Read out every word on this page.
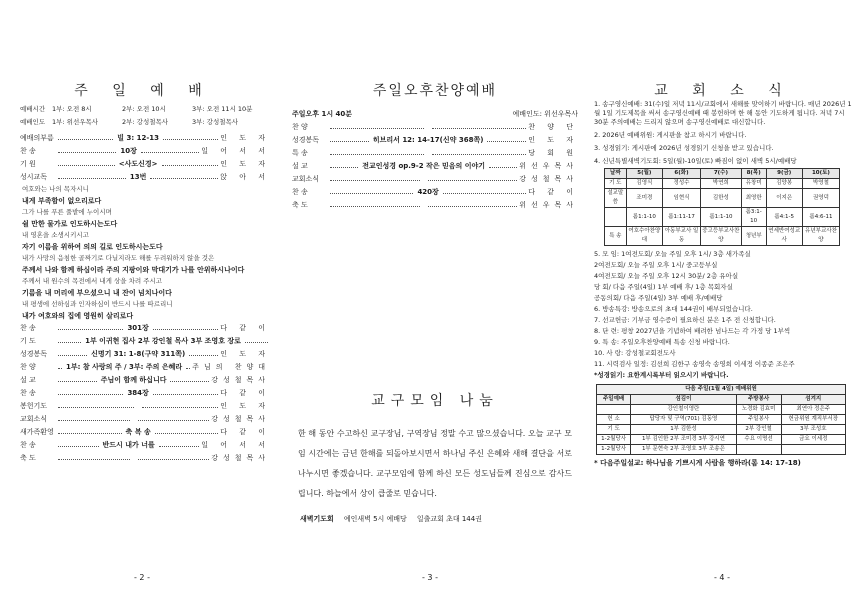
주 일 예 배
예배시간	1부: 오전 8시	2부: 오전 10시	3부: 오전 11시 10분
예배인도	1부: 위선우목사	2부: 강성철목사	3부: 강성철목사
예배의부름	빌 3: 12-13	인 도 자
찬 송	10장	일 어 서 서
기 원	<사도신경>	인 도 자
성시교독	13번	앉 아 서
여호와는 나의 목자시니
내게 부족함이 없으리로다
그가 나를 푸른 풀밭에 누이시며
쉴 만한 물가로 인도하시는도다
내 영혼을 소생시키시고
자기 이름을 위하여 의의 길로 인도하시는도다
내가 사망의 음침한 골짜기로 다닐지라도 해를 두려워하지 않을 것은
주께서 나와 함께 하심이라 주의 지팡이와 막대기가 나를 안위하시나이다
주께서 내 원수의 목전에서 내게 상을 차려 주시고
기름을 내 머리에 부으셨으니 내 잔이 넘치나이다
내 평생에 선하심과 인자하심이 반드시 나를 따르리니
내가 여호와의 집에 영원히 살리로다
찬 송	301장	다 같 이
기 도	1부 이귀현 집사 2부 강인철 목사 3부 조영호 장로
성경봉독	신명기 31: 1-8(구약 311쪽)	인 도 자
찬 양	1부: 참 사랑의 주 / 3부: 주의 은혜라 주님의 찬양대
설 교	주님이 함께 하십니다	강성철목사
찬 송	384장	다 같 이
봉헌기도	인 도 자
교회소식	강성철목사
새가족환영	축 복 송	다 같 이
찬 송	반드시 내가 너를	일 어 서 서
축 도	강성철목사
- 2 -
주일오후찬양예배
주일오후 1시 40분	예배인도: 위선우목사
찬 양	찬 양 단
성경봉독	히브리서 12: 14-17(신약 368쪽)	인 도 자
특 송	당 회 원
설 교	전교인성경 op.9-2 작은 믿음의 이야기	위선우목사
교회소식	강성철목사
찬 송	420장	다 같 이
축 도	위선우목사
교구모임 나눔
한 해 동안 수고하신 교구장님, 구역장님 정말 수고 많으셨습니다. 오늘 교구 모임 시간에는 금년 한해를 되돌아보시면서 하나님 주신 은혜와 새해 결단을 서로 나누시면 좋겠습니다. 교구모임에 함께 하신 모든 성도님들께 진심으로 감사드립니다. 하늘에서 상이 큽줄로 믿습니다.
새벽기도회 예인새벽 5시 예배당 일출교회 초대 144권
- 3 -
교 회 소 식
1. 송구영신예배: 31(수)일 저녁 11시/교회에서 새해를 맞이하기 바랍니다. 매년 2026년 1월 1일 기도제목을 써서 송구영신예배 때 봉헌하며 한 해 동안 기도하게 됩니다. 저녁 7시 30분 주의예배는 드리지 않으며 송구영신예배로 대신합니다.
2. 2026년 예배위원: 게시판을 참고 하시기 바랍니다.
3. 성경읽기: 게시판에 2026년 성경읽기 신청을 받고 있습니다.
4. 신년특별새벽기도회: 5일(월)-10일(토) 빠짐이 없이 새벽 5시/예배당
날짜	5(월)	6(화)	7(수)	8(목)	9(금)	10(토)
기 도	김영식	정성수	박연희	유창미	김양봉	박영철
설교말씀	조미경	임현식	김한성	최영한	이지은	권영덕
	롬1:1-10	롬1:11-17	롬1:1-10	롬3:1-10	롬4:1-5	롬4:6-11
특 송	여호수아찬양대	아동부교사 일동	중고등부교사찬양	청년부	연세반여성교사	유년부교사찬양
5. 모 임: 1여전도회/ 오늘 주일 오후 1시/ 3층 새가족실
2여전도회/ 오늘 주일 오후 1시/ 중고등부실
4여전도회/ 오늘 주일 오후 12시 30분/ 2층 유아실
당 회/ 다음 주일(4일) 1부 예배 후/ 1층 목회자실
공동의회/ 다음 주일(4일) 3부 예배 후/예배당
6. 방송특강: 방송으로의 초대 144권이 배부되었습니다.
7. 선교헌금: 기부금 영수증이 필요하신 분은 1주 전 신청합니다.
8. 단 련: 평창 2027년을 기념하여 배려한 넘나드는 각 가정 당 1부씩
9. 특 송: 주일오후찬양예배 특송 신청 바랍니다.
10. 사 랑: 강성철교회전도사
11. 시력검사 일정: 김선희 김한구 송영숙 송영희 이세정 이종준 조은주
*성경읽기: 요한계시록부터 읽으시기 바랍니다.
다음 주일(1월 4일) 예배위원			
주일예배	섬김이	주방봉사	섬겨지
	강인철이영란	노경화 김효미	최연아 정은주
헌 소	답당자 및 구역(701) 김동영	주일봉사	헌금위원 계직부서장
기 도	1부 김한성	2부 강인철	3부 조성호
1-2월당사	1부 김인한 2부 조미경 3부 강시연	수요 이명선	금요 이세정
1-2월당사	1부 문현숙 2부 조영호 3부 조송은		
* 다음주일설교: 하나님을 기쁘시게 사람을 행하라(롬 14: 17-18)
- 4 -
